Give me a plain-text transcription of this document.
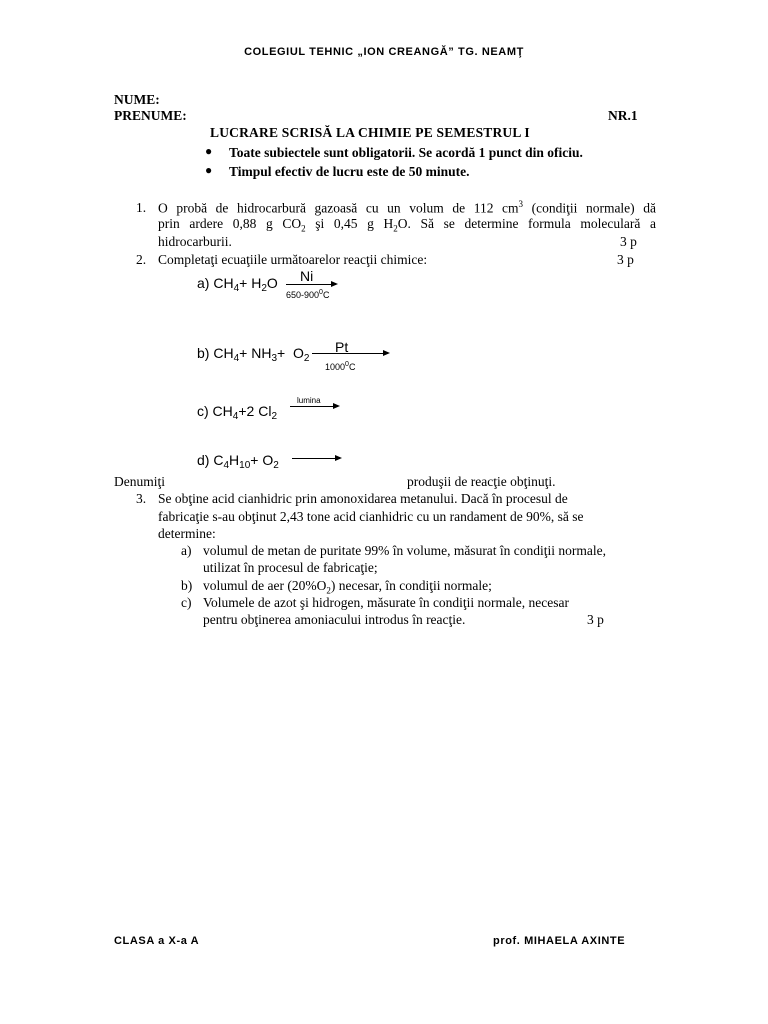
COLEGIUL TEHNIC „ION CREANGĂ” TG. NEAMŢ
NUME:
PRENUME:	NR.1
LUCRARE SCRISĂ LA CHIMIE PE SEMESTRUL I
● Toate subiectele sunt obligatorii. Se acordă 1 punct din oficiu.
● Timpul efectiv de lucru este de 50 minute.
1. O probă de hidrocarbură gazoasă cu un volum de 112 $cm^3$ (condiţii normale) dă
prin ardere 0,88 g $CO_2$ şi 0,45 g $H_2O$. Să se determine formula moleculară a
hidrocarburii.	3 p
2. Completaţi ecuaţiile următoarelor reacţii chimice:	3 p
a) $CH_4+ H_2O$ Ni
$650-900^0C$
b) $CH_4+ NH_3+ O_2$
Pt
1000$^0$C
c) $CH_4+2$ $Cl_2$
lumina
d) $C_4H_{10}+ O_2$
Denumiţi	produşii de reacţie obţinuţi.
3. Se obţine acid cianhidric prin amonoxidarea metanului. Dacă în procesul de
fabricaţie s-au obţinut 2,43 tone acid cianhidric cu un randament de 90%, să se
determine:
a) volumul de metan de puritate 99% în volume, măsurat în condiţii normale,
utilizat în procesul de fabricaţie;
b) volumul de aer $(20\%O_2)$ necesar, în condiţii normale;
c) Volumele de azot şi hidrogen, măsurate în condiţii normale, necesar
pentru obţinerea amoniacului introdus în reacţie.	3 p
CLASA a X-a A	prof. MIHAELA AXINTE
